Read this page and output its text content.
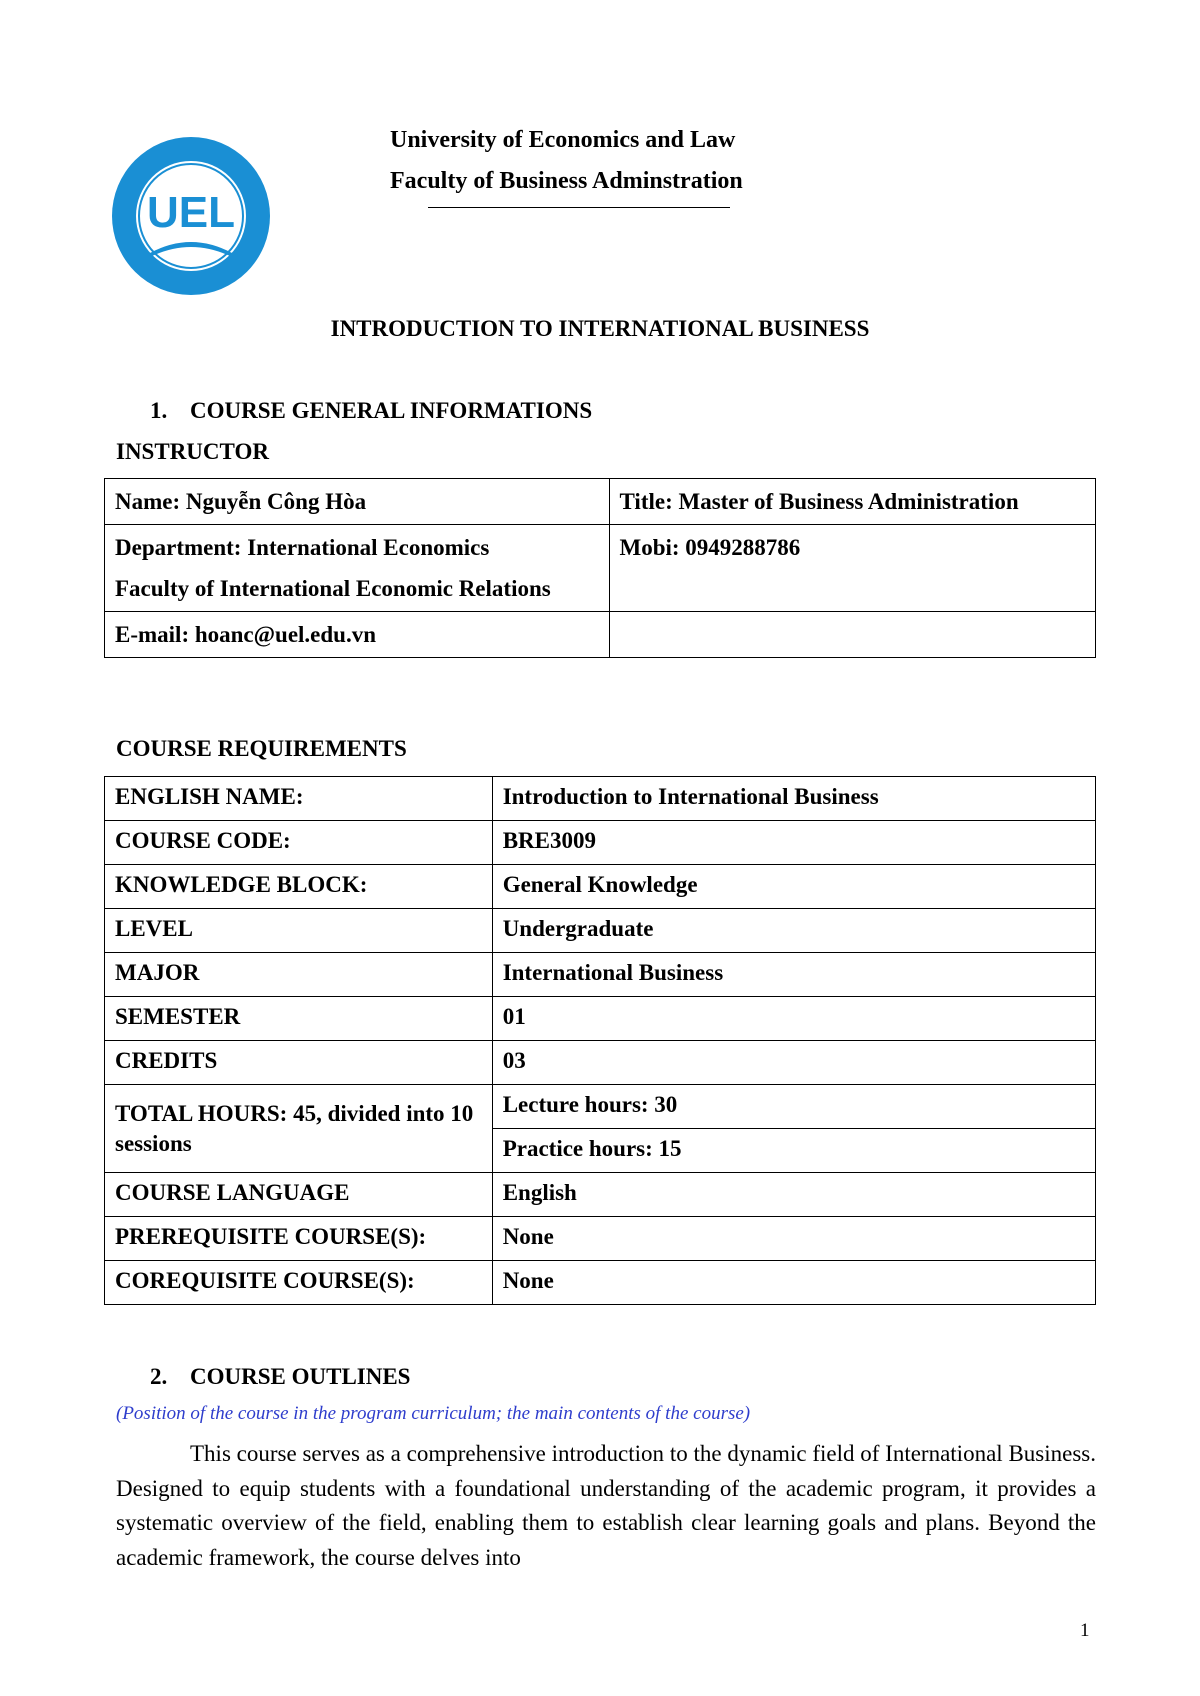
UEL
University of Economics and Law
Faculty of Business Adminstration
INTRODUCTION TO INTERNATIONAL BUSINESS
1. COURSE GENERAL INFORMATIONS
INSTRUCTOR
Name: Nguyễn Công Hòa	Title: Master of Business Administration

Department: International Economics
Faculty of International Economic Relations	Mobi: 0949288786
E-mail: hoanc@uel.edu.vn	
COURSE REQUIREMENTS
ENGLISH NAME:	Introduction to International Business
COURSE CODE:	BRE3009
KNOWLEDGE BLOCK:	General Knowledge
LEVEL	Undergraduate
MAJOR	International Business
SEMESTER	01
CREDITS	03
TOTAL HOURS: 45, divided into 10 sessions	Lecture hours: 30
	Practice hours: 15
COURSE LANGUAGE	English
PREREQUISITE COURSE(S):	None
COREQUISITE COURSE(S):	None
2. COURSE OUTLINES
(Position of the course in the program curriculum; the main contents of the course)
This course serves as a comprehensive introduction to the dynamic field of International Business. Designed to equip students with a foundational understanding of the academic program, it provides a systematic overview of the field, enabling them to establish clear learning goals and plans. Beyond the academic framework, the course delves into
1
